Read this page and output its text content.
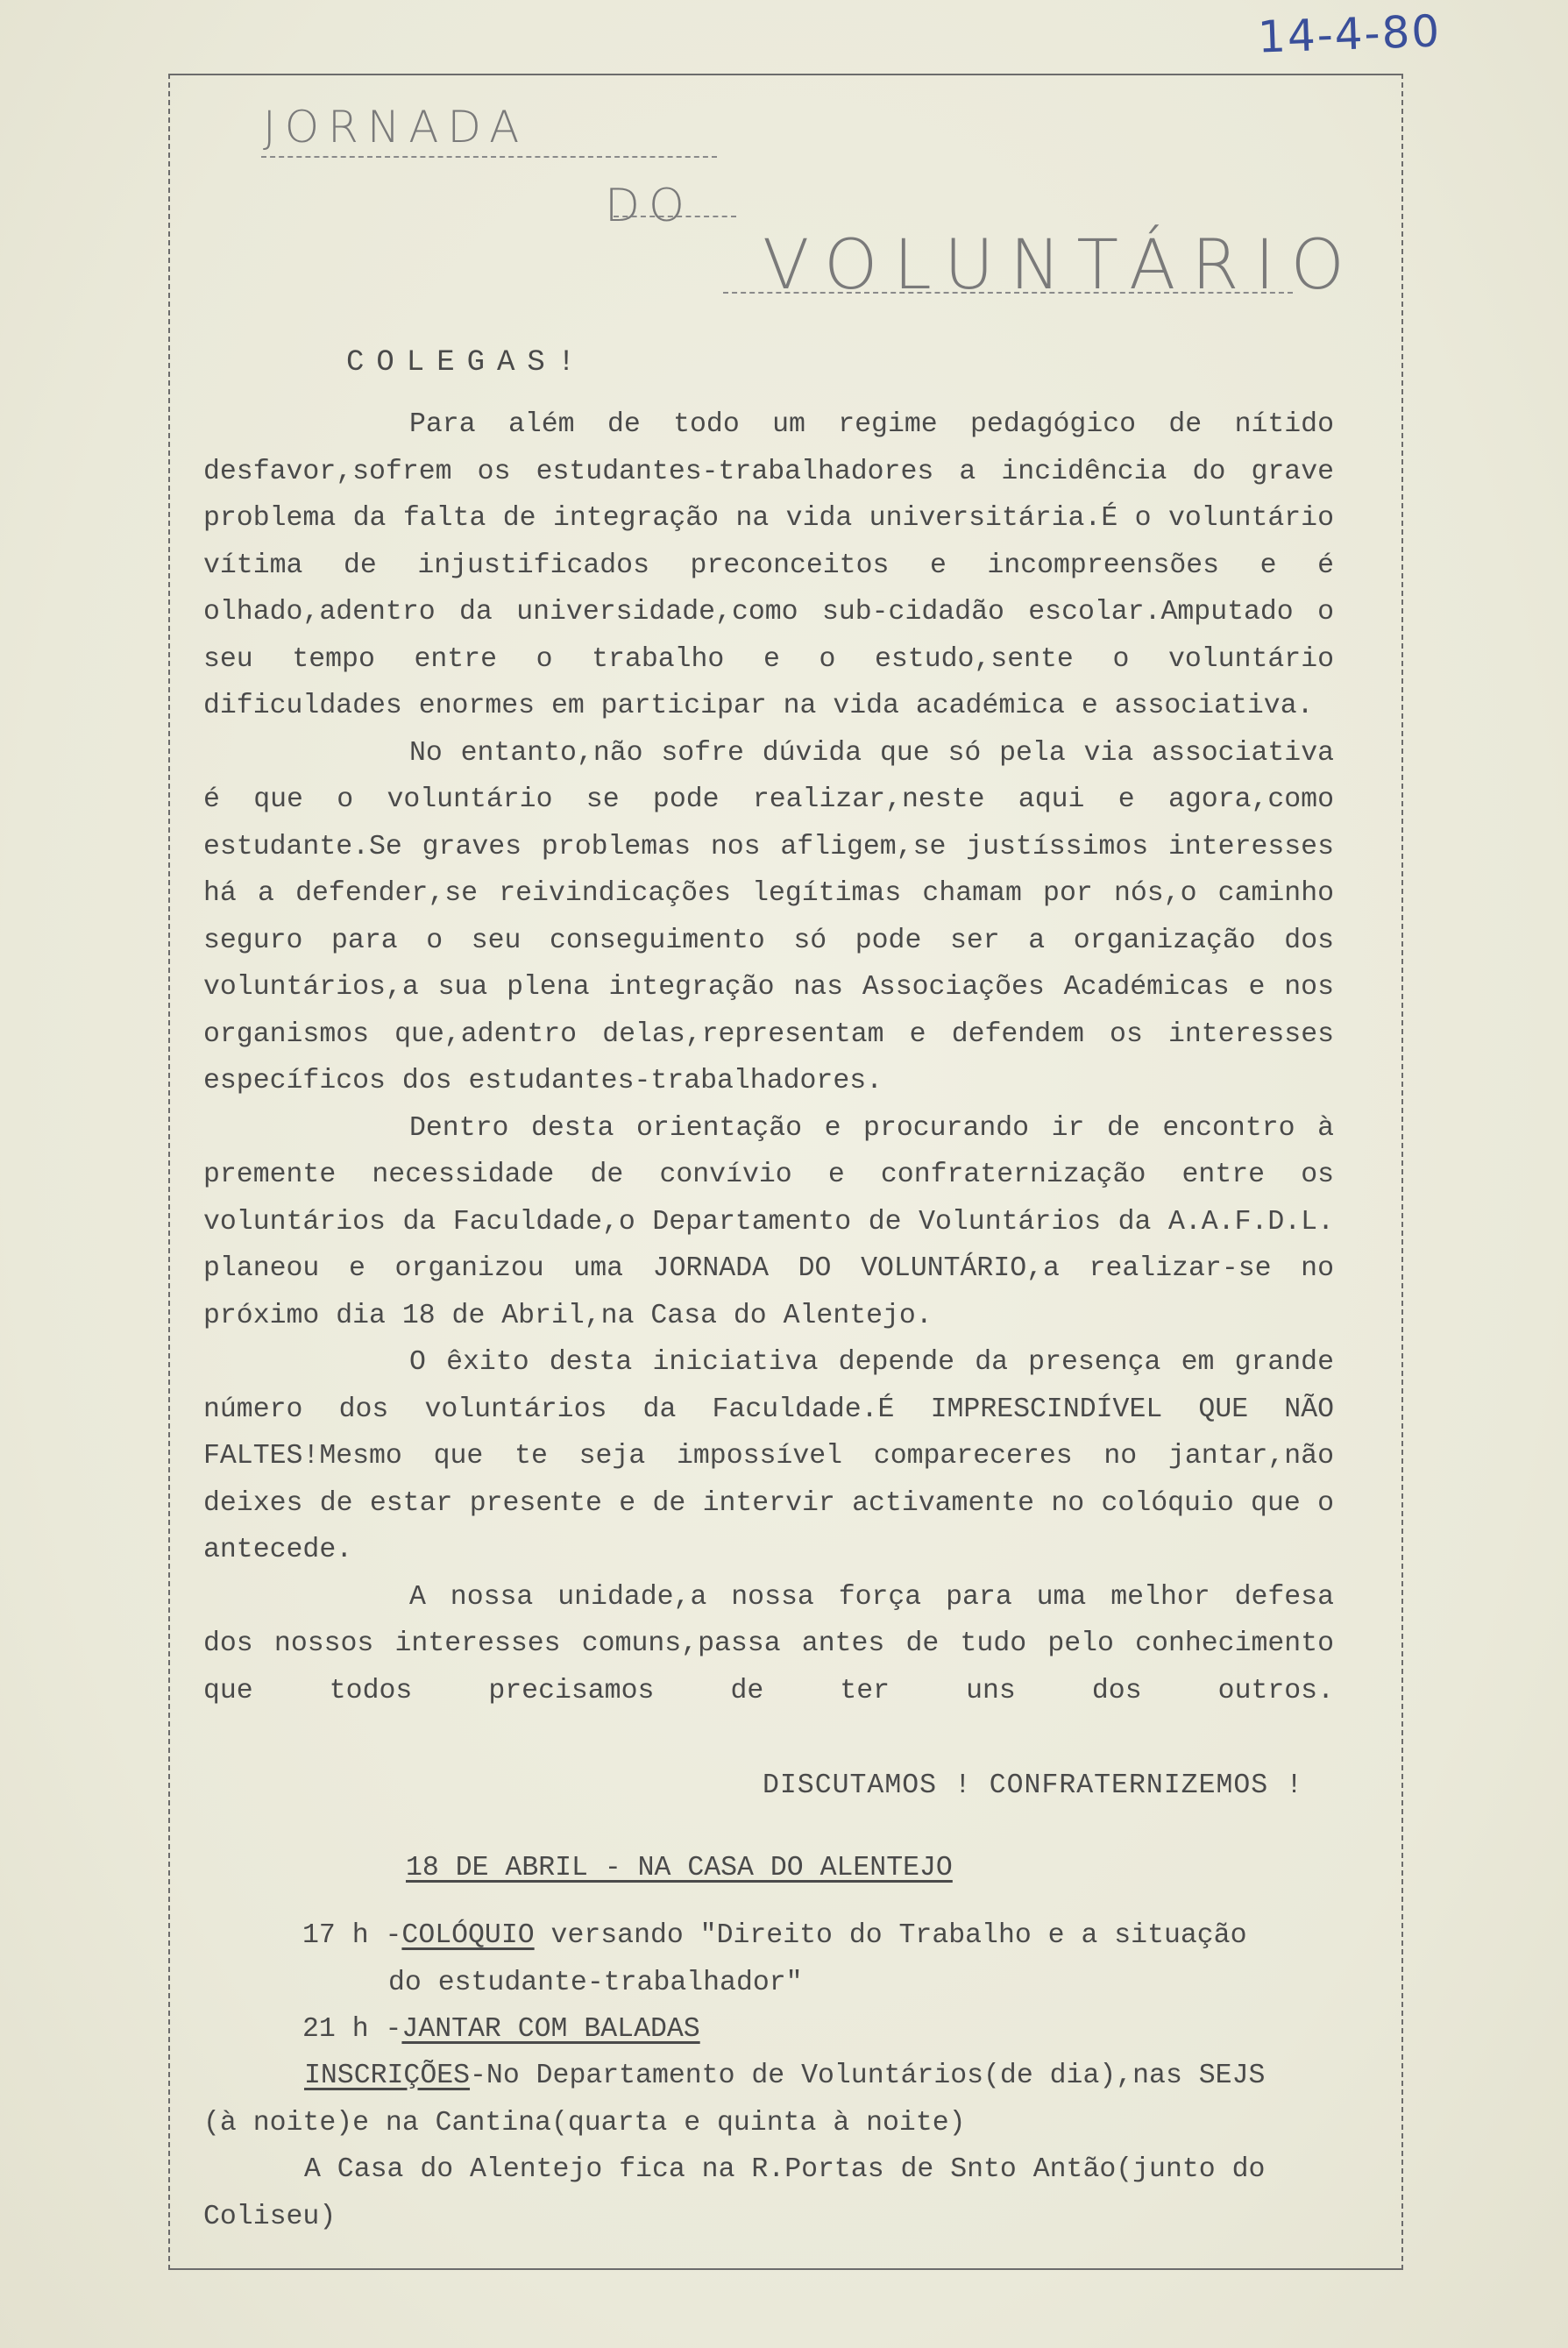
14-4-80
JORNADA
DO
VOLUNTÁRIO
COLEGAS!

Para além de todo um regime pedagógico de nítido desfavor,sofrem os estudantes-trabalhadores a incidência do grave problema da falta de integração na vida universitária.É o voluntário vítima de injustificados preconceitos e incompreensões e é olhado,adentro da universidade,como sub-cidadão escolar.Amputado o seu tempo entre o trabalho e o estudo,sente o voluntário dificuldades enormes em participar na vida académica e associativa.

No entanto,não sofre dúvida que só pela via associativa é que o voluntário se pode realizar,neste aqui e agora,como estudante.Se graves problemas nos afligem,se justíssimos interesses há a defender,se reivindicações legítimas chamam por nós,o caminho seguro para o seu conseguimento só pode ser a organização dos voluntários,a sua plena integração nas Associações Académicas e nos organismos que,adentro delas,representam e defendem os interesses específicos dos estudantes-trabalhadores.

Dentro desta orientação e procurando ir de encontro à premente necessidade de convívio e confraternização entre os voluntários da Faculdade,o Departamento de Voluntários da A.A.F.D.L. planeou e organizou uma JORNADA DO VOLUNTÁRIO,a realizar-se no próximo dia 18 de Abril,na Casa do Alentejo.

O êxito desta iniciativa depende da presença em grande número dos voluntários da Faculdade.É IMPRESCINDÍVEL QUE NÃO FALTES!Mesmo que te seja impossível compareceres no jantar,não deixes de estar presente e de intervir activamente no colóquio que o antecede.

A nossa unidade,a nossa força para uma melhor defesa dos nossos interesses comuns,passa antes de tudo pelo conhecimento que todos precisamos de ter uns dos outros.

DISCUTAMOS ! CONFRATERNIZEMOS !
18 DE ABRIL - NA CASA DO ALENTEJO
17 h -COLÓQUIO versando "Direito do Trabalho e a situação
do estudante-trabalhador"
21 h -JANTAR COM BALADAS
INSCRIÇÕES-No Departamento de Voluntários(de dia),nas SEJS
(à noite)e na Cantina(quarta e quinta à noite)
A Casa do Alentejo fica na R.Portas de Snto Antão(junto do
Coliseu)
